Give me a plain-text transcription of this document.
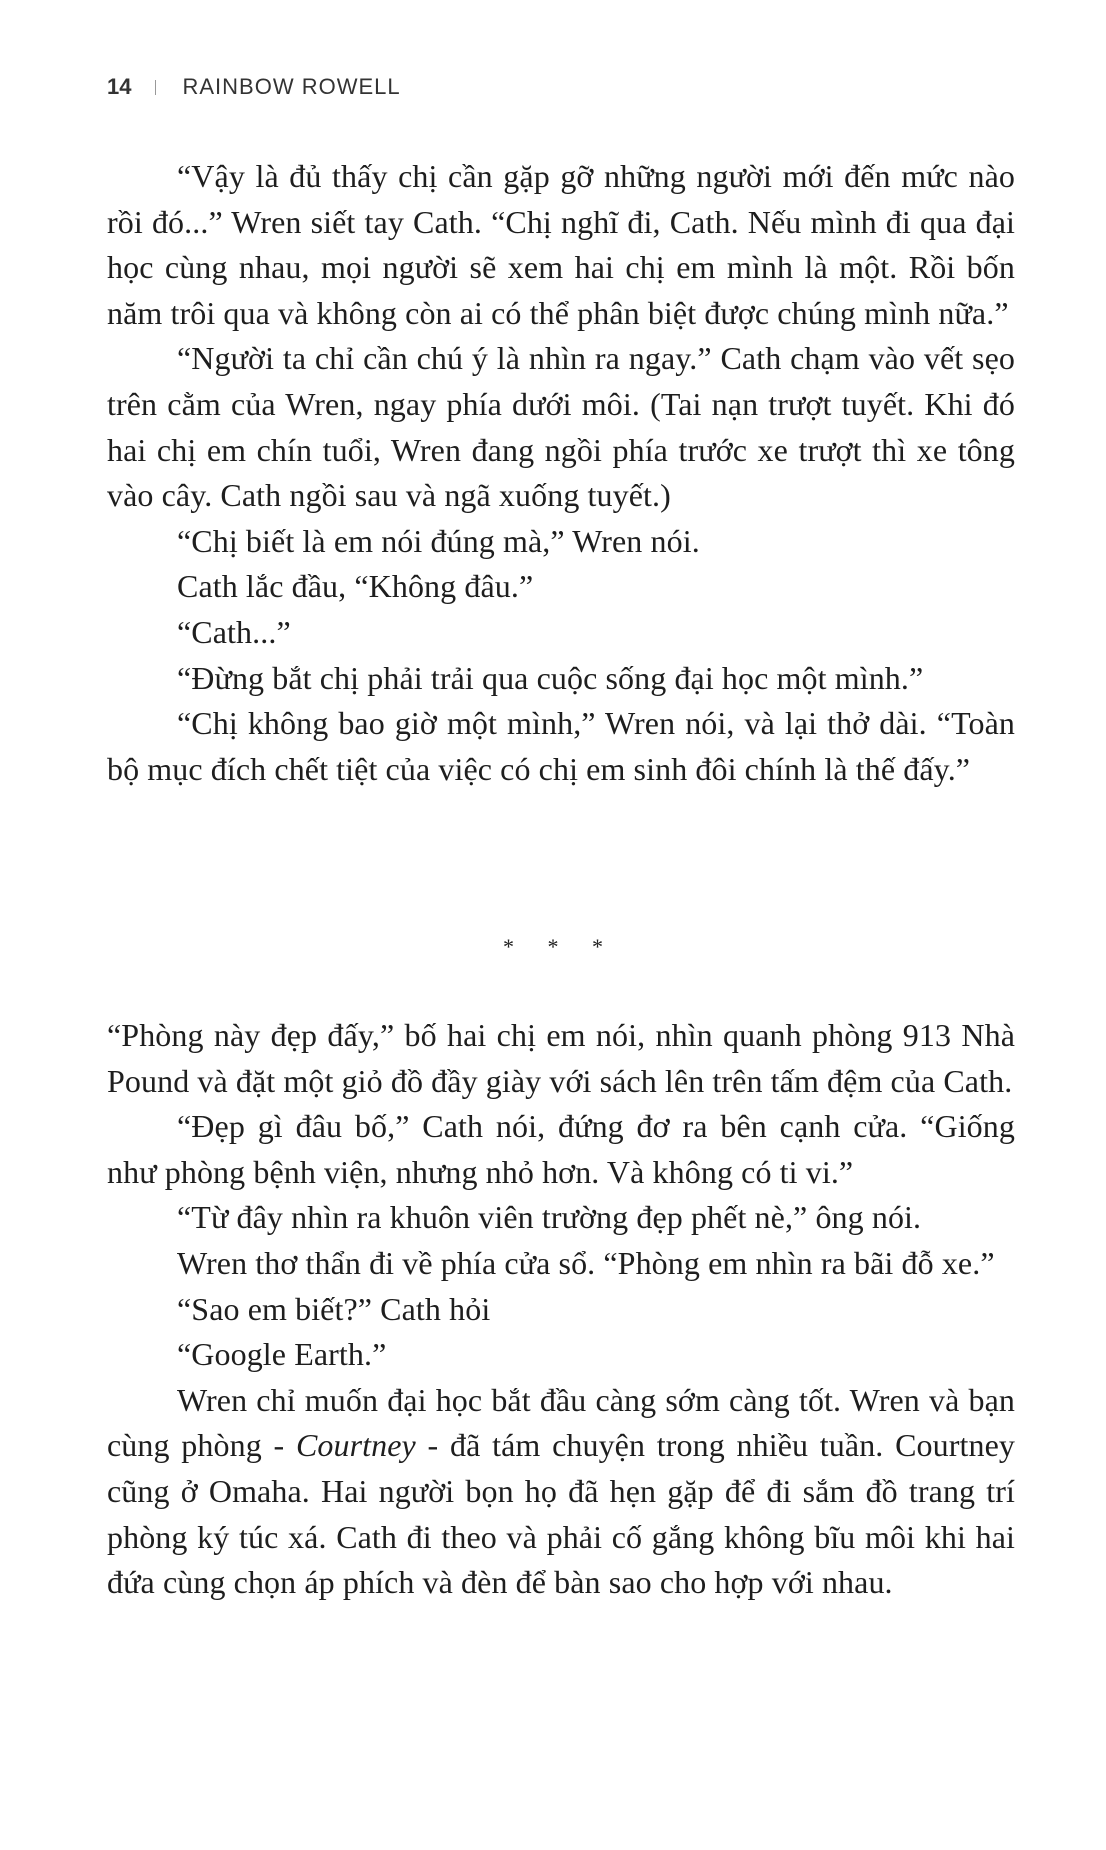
14 RAINBOW ROWELL

“Vậy là đủ thấy chị cần gặp gỡ những người mới đến mức nào rồi đó...” Wren siết tay Cath. “Chị nghĩ đi, Cath. Nếu mình đi qua đại học cùng nhau, mọi người sẽ xem hai chị em mình là một. Rồi bốn năm trôi qua và không còn ai có thể phân biệt được chúng mình nữa.”

“Người ta chỉ cần chú ý là nhìn ra ngay.” Cath chạm vào vết sẹo trên cằm của Wren, ngay phía dưới môi. (Tai nạn trượt tuyết. Khi đó hai chị em chín tuổi, Wren đang ngồi phía trước xe trượt thì xe tông vào cây. Cath ngồi sau và ngã xuống tuyết.)

“Chị biết là em nói đúng mà,” Wren nói.

Cath lắc đầu, “Không đâu.”

“Cath...”

“Đừng bắt chị phải trải qua cuộc sống đại học một mình.”

“Chị không bao giờ một mình,” Wren nói, và lại thở dài. “Toàn bộ mục đích chết tiệt của việc có chị em sinh đôi chính là thế đấy.”

* * *

“Phòng này đẹp đấy,” bố hai chị em nói, nhìn quanh phòng 913 Nhà Pound và đặt một giỏ đồ đầy giày với sách lên trên tấm đệm của Cath.

“Đẹp gì đâu bố,” Cath nói, đứng đơ ra bên cạnh cửa. “Giống như phòng bệnh viện, nhưng nhỏ hơn. Và không có ti vi.”

“Từ đây nhìn ra khuôn viên trường đẹp phết nè,” ông nói.

Wren thơ thẩn đi về phía cửa sổ. “Phòng em nhìn ra bãi đỗ xe.”

“Sao em biết?” Cath hỏi

“Google Earth.”

Wren chỉ muốn đại học bắt đầu càng sớm càng tốt. Wren và bạn cùng phòng - Courtney - đã tám chuyện trong nhiều tuần. Courtney cũng ở Omaha. Hai người bọn họ đã hẹn gặp để đi sắm đồ trang trí phòng ký túc xá. Cath đi theo và phải cố gắng không bĩu môi khi hai đứa cùng chọn áp phích và đèn để bàn sao cho hợp với nhau.
